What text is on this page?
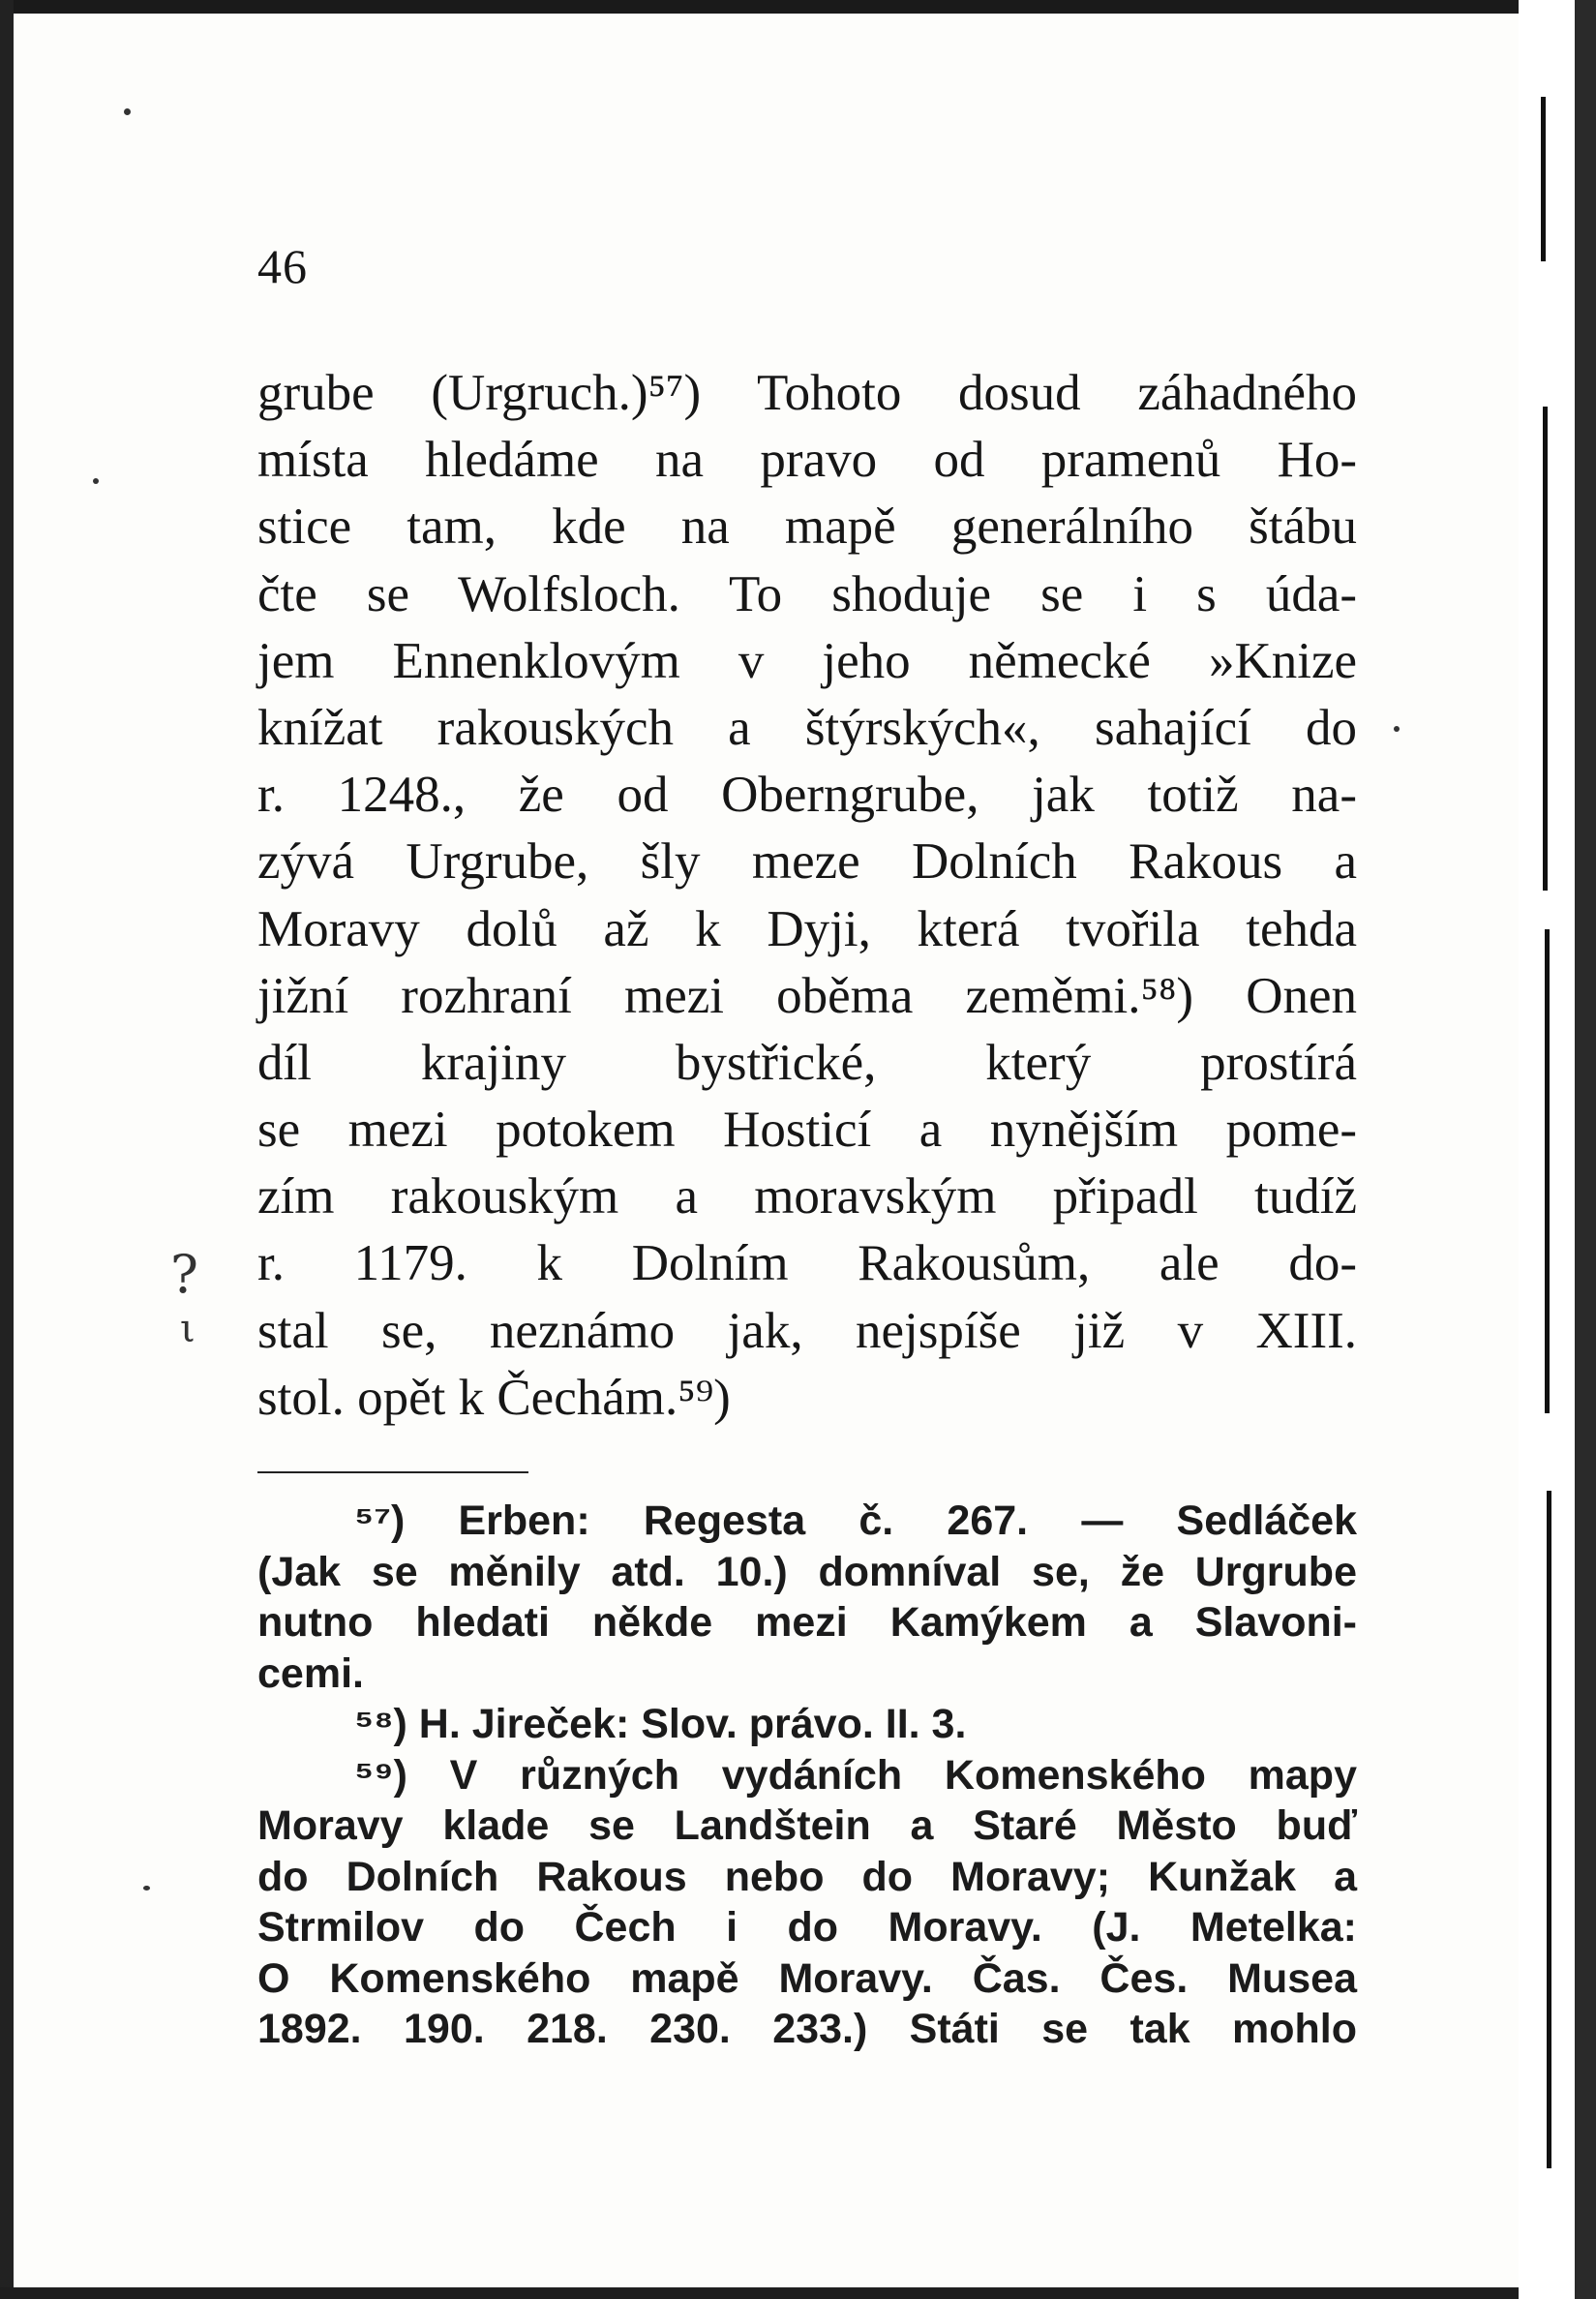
46
grube (Urgruch.)⁵⁷) Tohoto dosud záhadného
místa hledáme na pravo od pramenů Ho-
stice tam, kde na mapě generálního štábu
čte se Wolfsloch. To shoduje se i s úda-
jem Ennenklovým v jeho německé »Knize
knížat rakouských a štýrských«, sahající do
r. 1248., že od Oberngrube, jak totiž na-
zývá Urgrube, šly meze Dolních Rakous a
Moravy dolů až k Dyji, která tvořila tehda
jižní rozhraní mezi oběma zeměmi.⁵⁸) Onen
díl krajiny bystřické, který prostírá
se mezi potokem Hosticí a nynějším pome-
zím rakouským a moravským připadl tudíž
r. 1179. k Dolním Rakousům, ale do-
stal se, neznámo jak, nejspíše již v XIII.
stol. opět k Čechám.⁵⁹)
⁵⁷) Erben: Regesta č. 267. — Sedláček
(Jak se měnily atd. 10.) domníval se, že Urgrube
nutno hledati někde mezi Kamýkem a Slavoni-
cemi.
⁵⁸) H. Jireček: Slov. právo. II. 3.
⁵⁹) V různých vydáních Komenského mapy
Moravy klade se Landštein a Staré Město buď
do Dolních Rakous nebo do Moravy; Kunžak a
Strmilov do Čech i do Moravy. (J. Metelka:
O Komenského mapě Moravy. Čas. Čes. Musea
1892. 190. 218. 230. 233.) Státi se tak mohlo
?
ι
